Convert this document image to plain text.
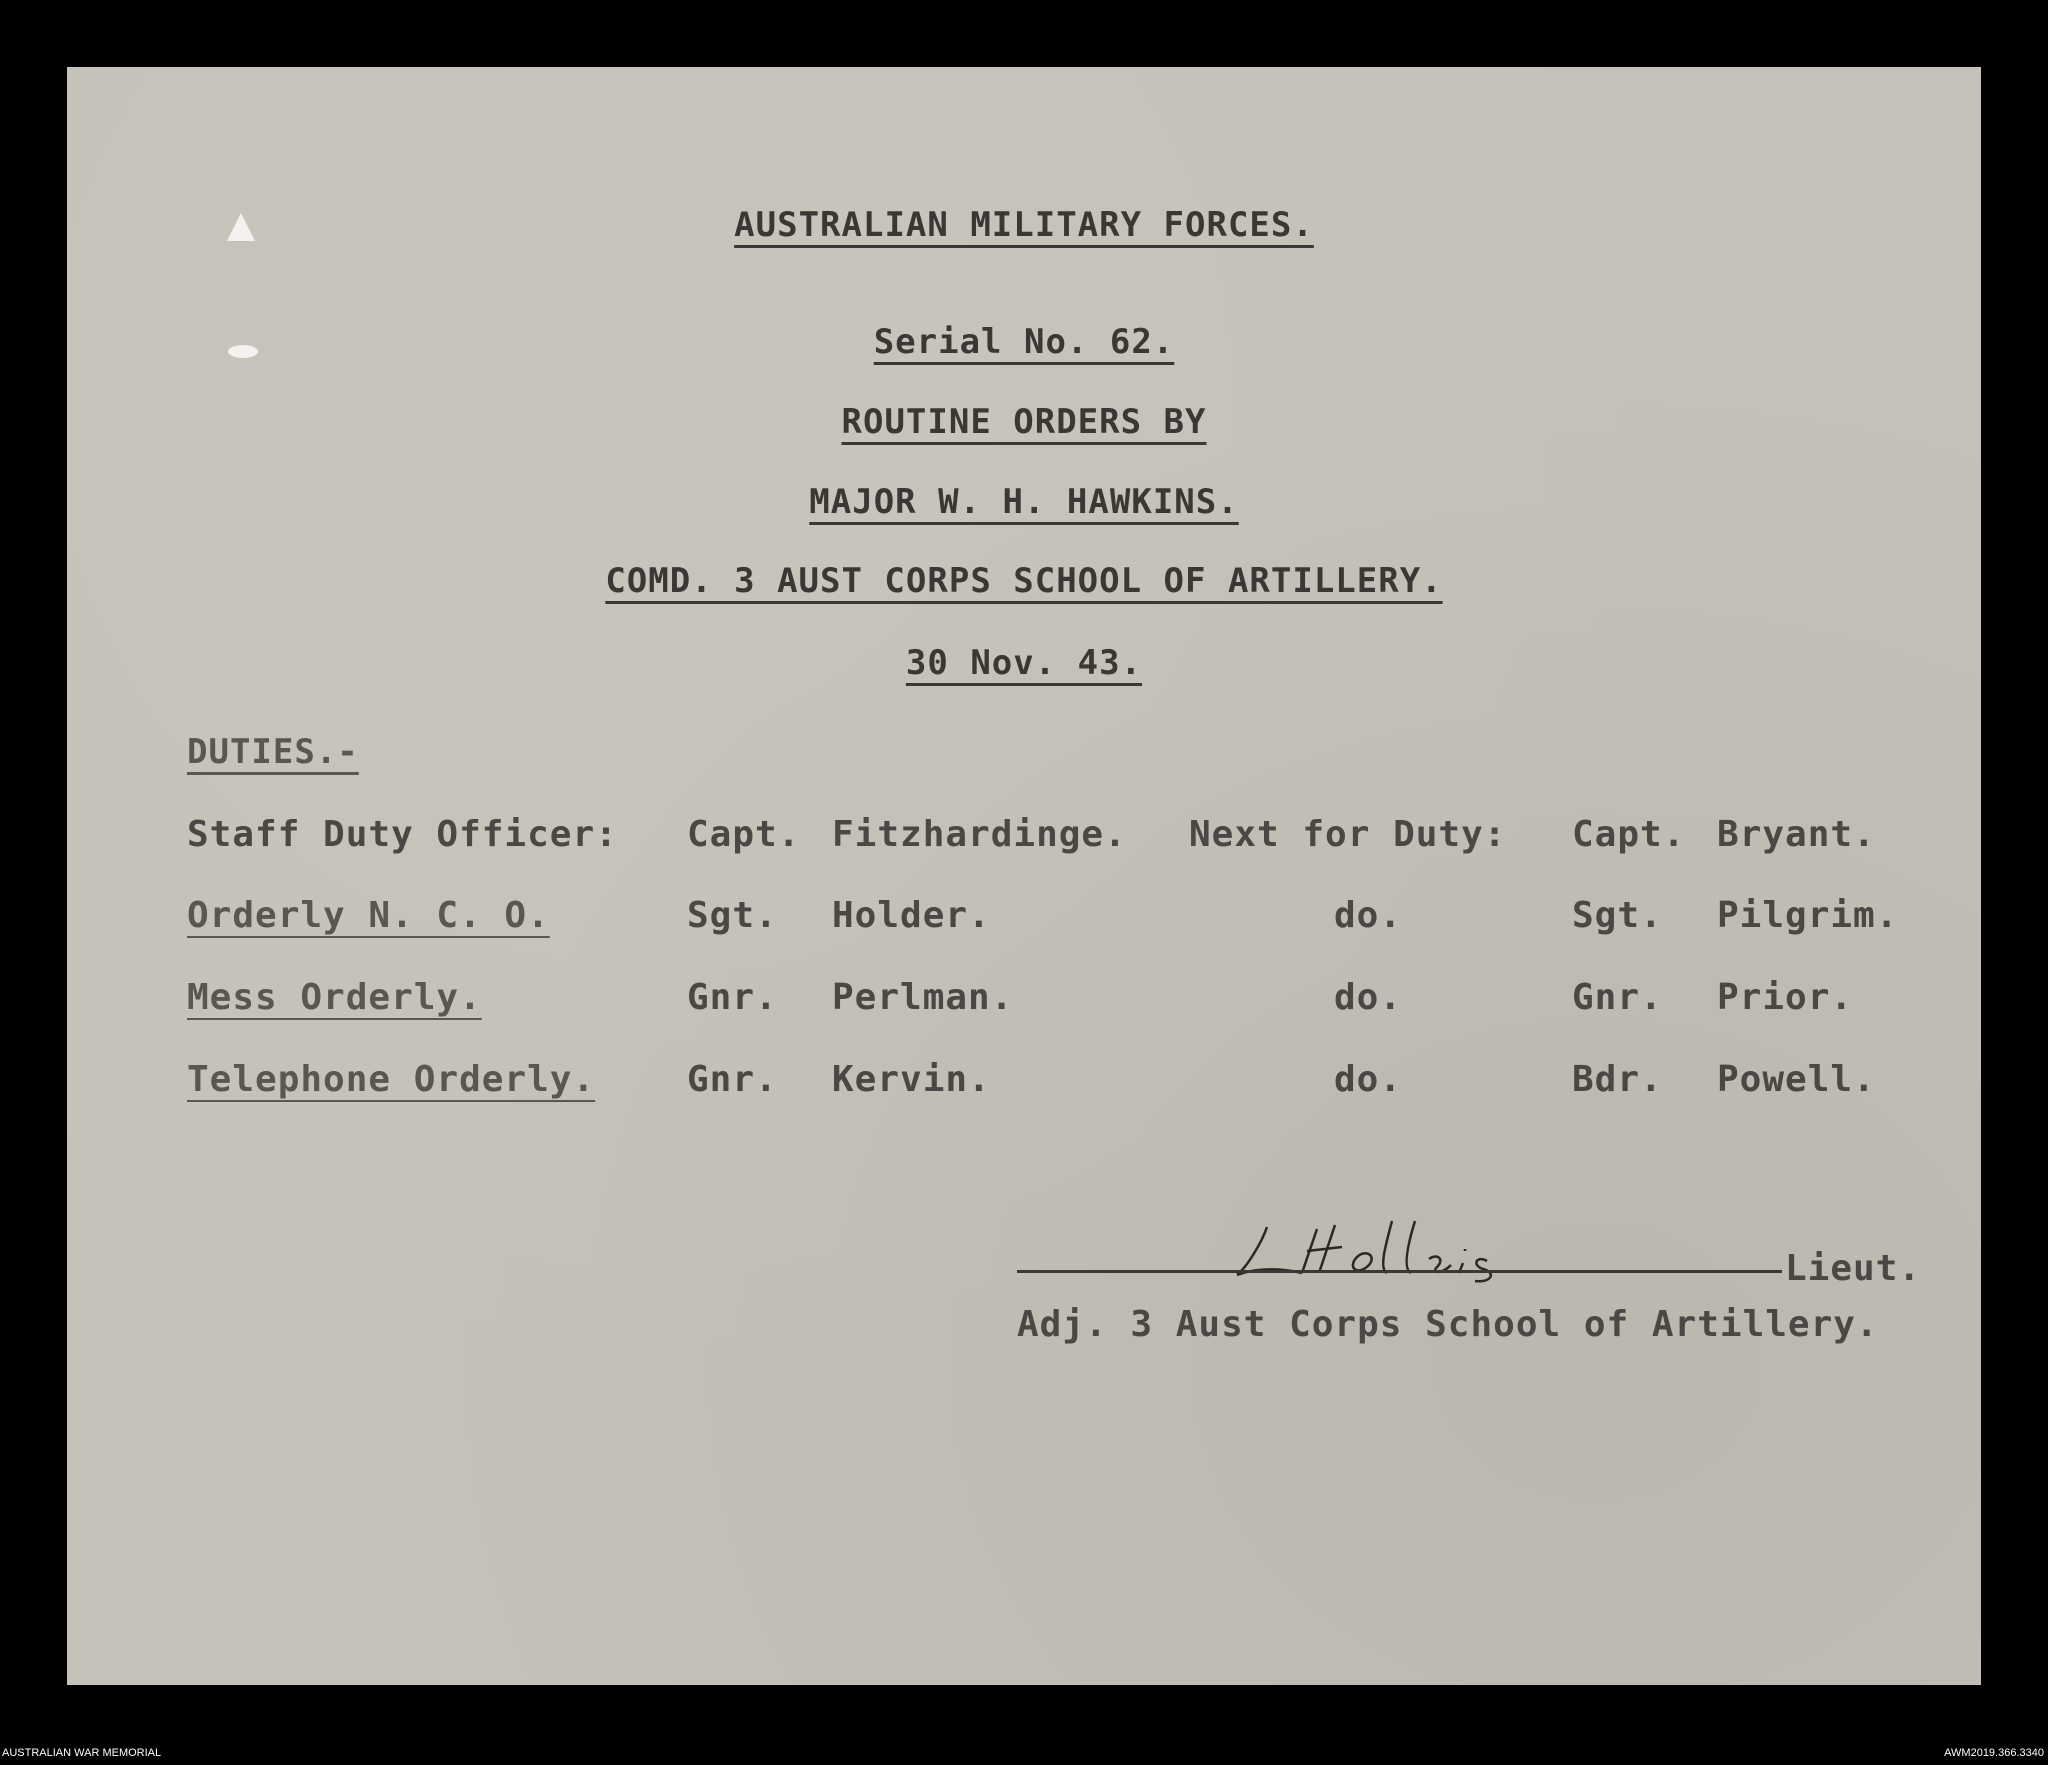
AUSTRALIAN MILITARY FORCES.
Serial No. 62.
ROUTINE ORDERS BY
MAJOR W. H. HAWKINS.
COMD. 3 AUST CORPS SCHOOL OF ARTILLERY.
30 Nov. 43.
DUTIES.-
Staff Duty Officer: Capt. Fitzhardinge. Next for Duty: Capt. Bryant.
Orderly N. C. O.	Sgt. Holder.	do.	Sgt. Pilgrim.
Mess Orderly.	Gnr. Perlman.	do.	Gnr. Prior.
Telephone Orderly.	Gnr. Kervin.	do.	Bdr. Powell.
Lieut.
Adj. 3 Aust Corps School of Artillery.
AUSTRALIAN WAR MEMORIAL	AWM2019.366.3340
